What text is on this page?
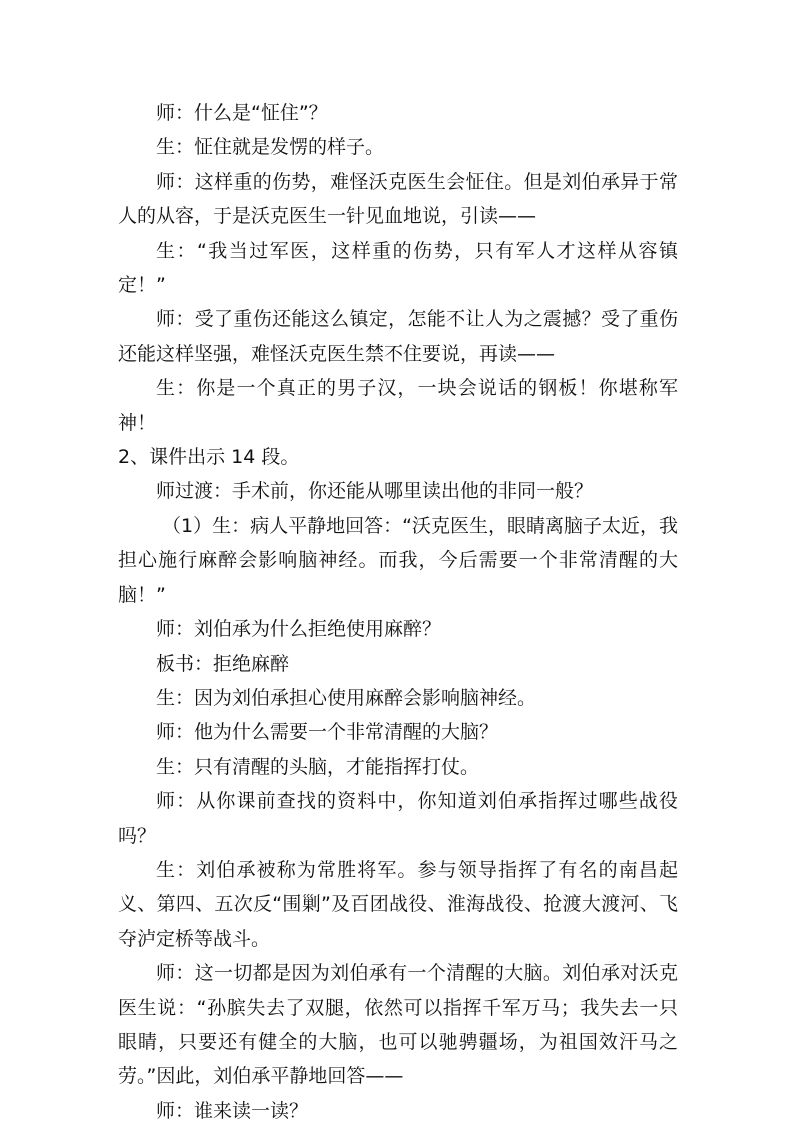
师：什么是“怔住”？

生：怔住就是发愣的样子。

师：这样重的伤势，难怪沃克医生会怔住。但是刘伯承异于常人的从容，于是沃克医生一针见血地说，引读——

生：“我当过军医，这样重的伤势，只有军人才这样从容镇定！”

师：受了重伤还能这么镇定，怎能不让人为之震撼？受了重伤还能这样坚强，难怪沃克医生禁不住要说，再读——

生：你是一个真正的男子汉，一块会说话的钢板！你堪称军神！

2、课件出示 14 段。

师过渡：手术前，你还能从哪里读出他的非同一般？

（1）生：病人平静地回答：“沃克医生，眼睛离脑子太近，我担心施行麻醉会影响脑神经。而我，今后需要一个非常清醒的大脑！”

师：刘伯承为什么拒绝使用麻醉？

板书：拒绝麻醉

生：因为刘伯承担心使用麻醉会影响脑神经。

师：他为什么需要一个非常清醒的大脑？

生：只有清醒的头脑，才能指挥打仗。

师：从你课前查找的资料中，你知道刘伯承指挥过哪些战役吗？

生：刘伯承被称为常胜将军。参与领导指挥了有名的南昌起义、第四、五次反“围剿”及百团战役、淮海战役、抢渡大渡河、飞夺泸定桥等战斗。

师：这一切都是因为刘伯承有一个清醒的大脑。刘伯承对沃克医生说：“孙膑失去了双腿，依然可以指挥千军万马；我失去一只眼睛，只要还有健全的大脑，也可以驰骋疆场，为祖国效汗马之劳。”因此，刘伯承平静地回答——

师：谁来读一读？
